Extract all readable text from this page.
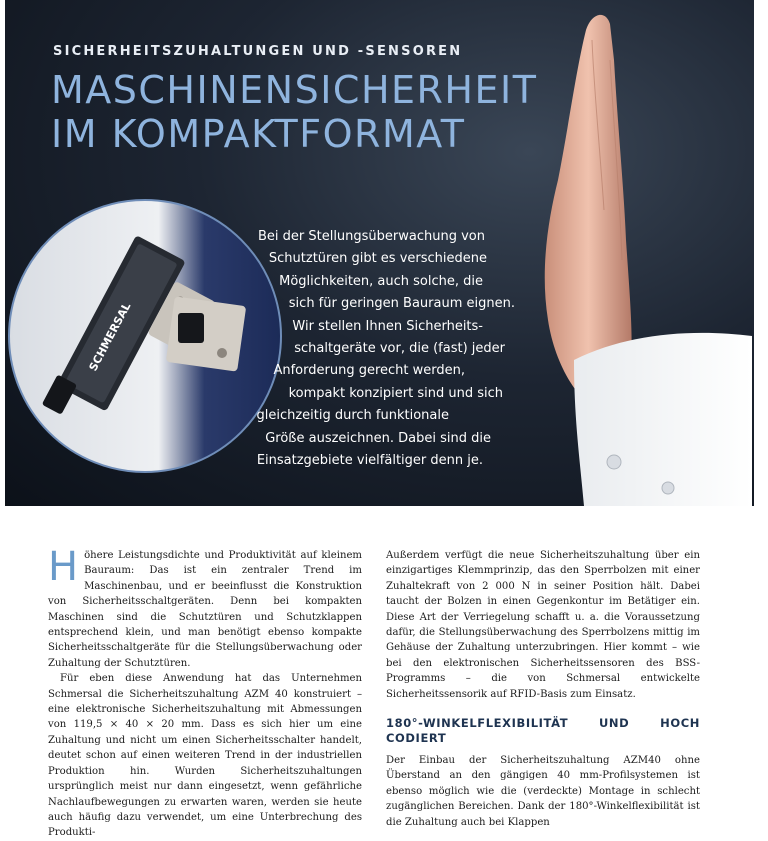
SICHERHEITSZUHALTUNGEN UND -SENSOREN
MASCHINENSICHERHEIT
IM KOMPAKTFORMAT
SCHMERSAL
Bei der Stellungsüberwachung von
Schutztüren gibt es verschiedene
Möglichkeiten, auch solche, die
sich für geringen Bauraum eignen.
Wir stellen Ihnen Sicherheits-
schaltgeräte vor, die (fast) jeder
Anforderung gerecht werden,
kompakt konzipiert sind und sich
gleichzeitig durch funktionale
Größe auszeichnen. Dabei sind die
Einsatzgebiete vielfältiger denn je.

Höhere Leistungsdichte und Produktivität auf kleinem Bauraum: Das ist ein zentraler Trend im Maschinenbau, und er beeinflusst die Konstruktion von Sicherheitsschaltgeräten. Denn bei kompakten Maschinen sind die Schutztüren und Schutzklappen entsprechend klein, und man benötigt ebenso kompakte Sicherheitsschaltgeräte für die Stellungsüberwachung oder Zuhaltung der Schutztüren.

Für eben diese Anwendung hat das Unternehmen Schmersal die Sicherheitszuhaltung AZM 40 konstruiert – eine elektronische Sicherheitszuhaltung mit Abmessungen von 119,5 × 40 × 20 mm. Dass es sich hier um eine Zuhaltung und nicht um einen Sicherheitsschalter handelt, deutet schon auf einen weiteren Trend in der industriellen Produktion hin. Wurden Sicherheitszuhaltungen ursprünglich meist nur dann eingesetzt, wenn gefährliche Nachlaufbewegungen zu erwarten waren, werden sie heute auch häufig dazu verwendet, um eine Unterbrechung des Produkti-

Außerdem verfügt die neue Sicherheitszuhaltung über ein einzigartiges Klemmprinzip, das den Sperrbolzen mit einer Zuhaltekraft von 2 000 N in seiner Position hält. Dabei taucht der Bolzen in einen Gegenkontur im Betätiger ein. Diese Art der Verriegelung schafft u. a. die Voraussetzung dafür, die Stellungsüberwachung des Sperrbolzens mittig im Gehäuse der Zuhaltung unterzubringen. Hier kommt – wie bei den elektronischen Sicherheitssensoren des BSS-Programms – die von Schmersal entwickelte Sicherheitssensorik auf RFID-Basis zum Einsatz.

180°-WINKELFLEXIBILITÄT UND HOCH CODIERT

Der Einbau der Sicherheitszuhaltung AZM40 ohne Überstand an den gängigen 40 mm-Profilsystemen ist ebenso möglich wie die (verdeckte) Montage in schlecht zugänglichen Bereichen. Dank der 180°-Winkelflexibilität ist die Zuhaltung auch bei Klappen
